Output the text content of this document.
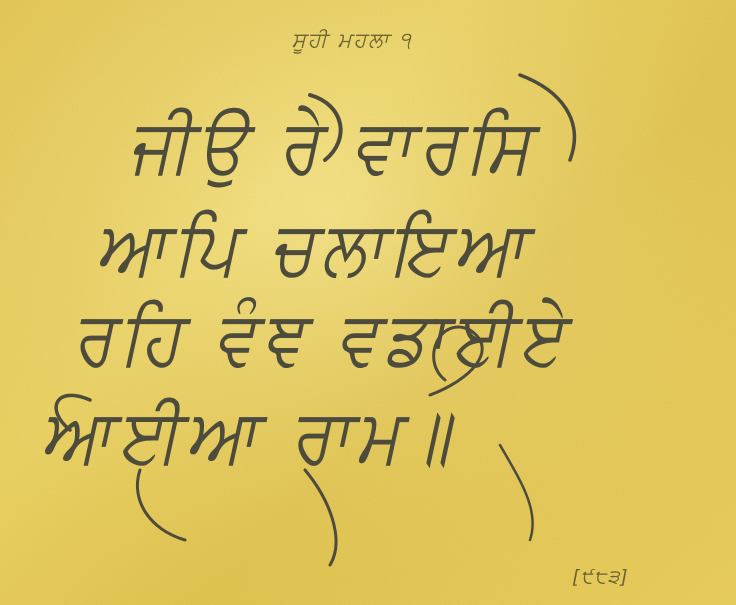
ਸੂਹੀ ਮਹਲਾ ੧
ਜੀਉ ਰੇ ਵਾਰਸਿ
ਆਪਿ ਚਲਾਇਆ
ਰਹਿ ਵੰਞ ਵਡਾਈਏ
ਆਈਆ ਰਾਮ॥
[੯੮੩]
